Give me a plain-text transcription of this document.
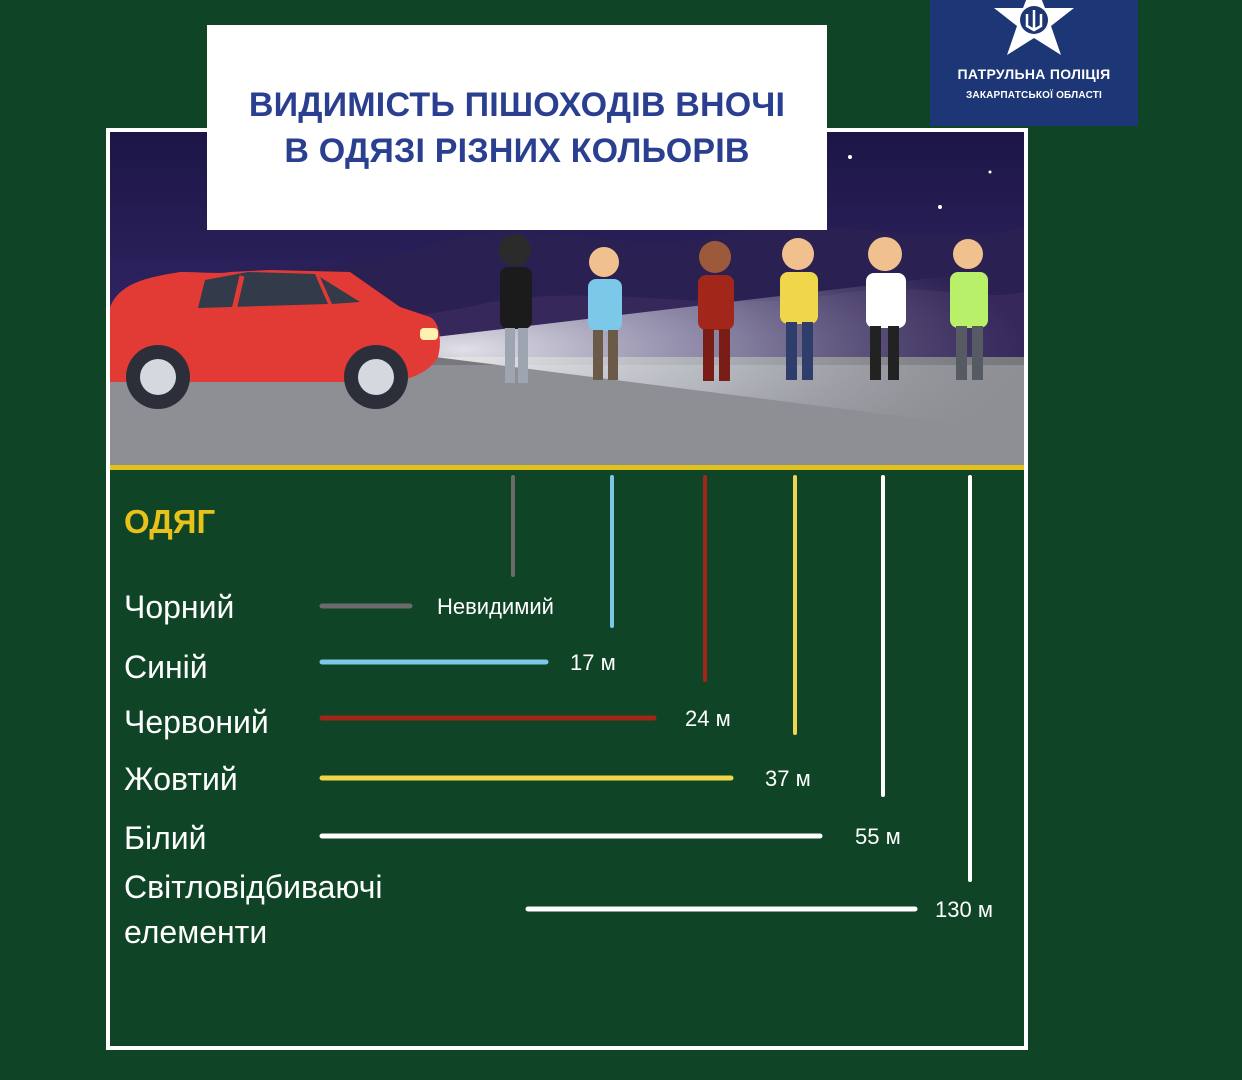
ВИДИМІСТЬ ПІШОХОДІВ ВНОЧІ
В ОДЯЗІ РІЗНИХ КОЛЬОРІВ
ПАТРУЛЬНА ПОЛІЦІЯ
ЗАКАРПАТСЬКОЇ ОБЛАСТІ
ОДЯГ
Невидимий
Чорний
17 м
Синій
24 м
Червоний
37 м
Жовтий
55 м
Білий
130 м
Світловідбиваючі
елементи
